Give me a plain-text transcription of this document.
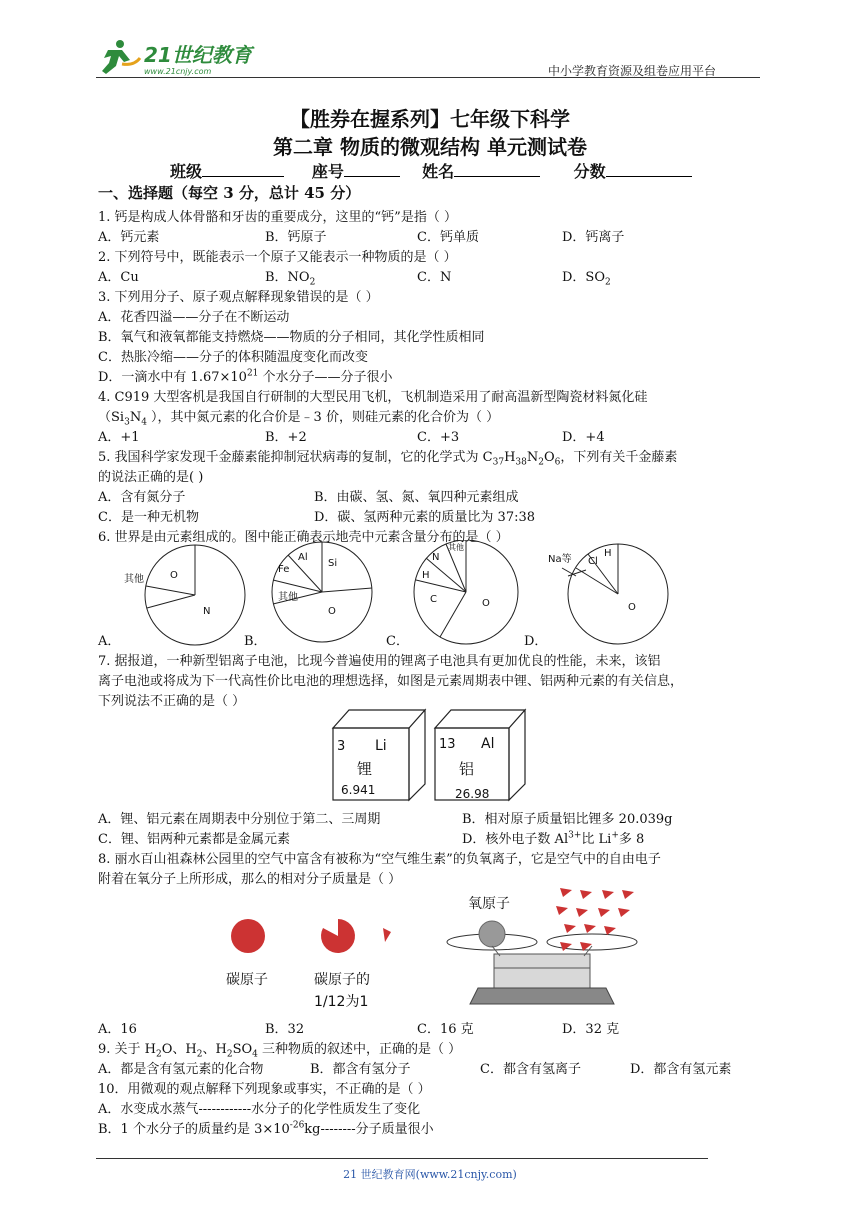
21世纪教育
www.21cnjy.com	中小学教育资源及组卷应用平台
【胜券在握系列】七年级下科学
第二章 物质的微观结构 单元测试卷
班级	座号	姓名	分数
一、选择题（每空 3 分，总计 45 分）
1. 钙是构成人体骨骼和牙齿的重要成分，这里的“钙”是指（ ）
A．钙元素	B．钙原子	C．钙单质	D．钙离子
2. 下列符号中，既能表示一个原子又能表示一种物质的是（ ）
A．Cu	B．$NO_2$	C．N	D．$SO_2$
3. 下列用分子、原子观点解释现象错误的是（ ）
A．花香四溢——分子在不断运动
B．氧气和液氧都能支持燃烧——物质的分子相同，其化学性质相同
C．热胀冷缩——分子的体积随温度变化而改变
D．一滴水中有 $1.67\times 10^{21}$ 个水分子——分子很小
4. C919 大型客机是我国自行研制的大型民用飞机，飞机制造采用了耐高温新型陶瓷材料氮化硅
（$Si_3N_4$ ），其中氮元素的化合价是﹣3 价，则硅元素的化合价为（ ）
A．+1	B．+2	C．+3	D．+4
5. 我国科学家发现千金藤素能抑制冠状病毒的复制，它的化学式为 $C_{37}H_{38}N_2O_6$，下列有关千金藤素
的说法正确的是( )
A．含有氮分子	B．由碳、氢、氮、氧四种元素组成
C．是一种无机物	D．碳、氢两种元素的质量比为 37:38
6. 世界是由元素组成的。图中能正确表示地壳中元素含量分布的是（ ）
其他	O
N
Fe
Al
Si
其他
O
N
其他
H
C	O
Na等 Cl
H
O
A．	B．	C．	D．
7. 据报道，一种新型铝离子电池，比现今普遍使用的锂离子电池具有更加优良的性能，未来，该铝
离子电池或将成为下一代高性价比电池的理想选择，如图是元素周期表中锂、铝两种元素的有关信息，
下列说法不正确的是（ ）
3 Li
锂
6.941
13 Al
铝
26.98
A．锂、铝元素在周期表中分别位于第二、三周期	B．相对原子质量铝比锂多 20.039g
C．锂、铝两种元素都是金属元素	D．核外电子数 $Al^{3+}$比 Li+多 8
8. 丽水百山祖森林公园里的空气中富含有被称为“空气维生素”的负氧离子，它是空气中的自由电子
附着在氧分子上所形成，那么的相对分子质量是（ ）
碳原子	碳原子的
1/12为1
氧原子
A．16	B．32	C．16 克	D．32 克
9. 关于 $H_2O$、$H_2$、$H_2SO_4$ 三种物质的叙述中，正确的是（ ）
A．都是含有氢元素的化合物	B．都含有氢分子	C．都含有氢离子	D．都含有氢元素
10．用微观的观点解释下列现象或事实，不正确的是（ ）
A．水变成水蒸气------------水分子的化学性质发生了变化
B．1 个水分子的质量约是 $3\times 10^{-26}kg--------$分子质量很小
21 世纪教育网(www.21cnjy.com)
